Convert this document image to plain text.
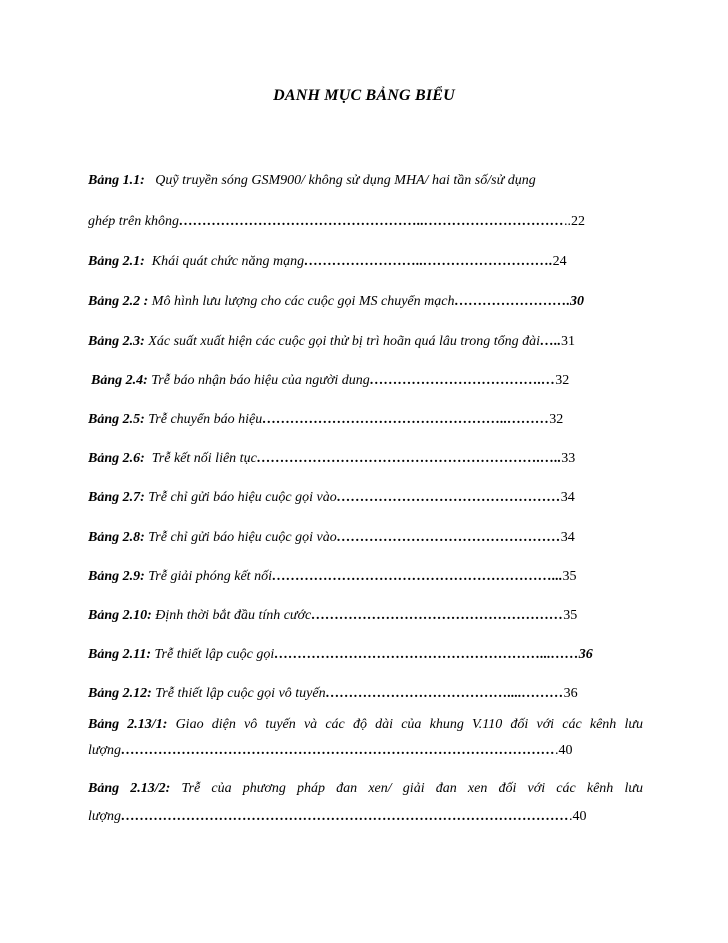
DANH MỤC BẢNG BIỂU
Bảng 1.1: Quỹ truyền sóng GSM900/ không sử dụng MHA/ hai tần số/sử dụng
ghép trên không……………………………………………..…………………………..22
Bảng 2.1: Khái quát chức năng mạng……………………..……………………….24
Bảng 2.2 : Mô hình lưu lượng cho các cuộc gọi MS chuyển mạch…………………….30
Bảng 2.3: Xác suất xuất hiện các cuộc gọi thử bị trì hoãn quá lâu trong tổng đài…..31
Bảng 2.4: Trễ báo nhận báo hiệu của người dung……………………………….…32
Bảng 2.5: Trễ chuyển báo hiệu……………………………………………..………32
Bảng 2.6: Trễ kết nối liên tục…………………………………………………….…..33
Bảng 2.7: Trễ chỉ gửi báo hiệu cuộc gọi vào…………………………………………34
Bảng 2.8: Trễ chỉ gửi báo hiệu cuộc gọi vào…………………………………………34
Bảng 2.9: Trễ giải phóng kết nối……………………………………………………...35
Bảng 2.10: Định thời bắt đầu tính cước………………………………………………35
Bảng 2.11: Trễ thiết lập cuộc gọi…………………………………………………...……36
Bảng 2.12: Trễ thiết lập cuộc gọi vô tuyến…………………………………....………36
Bảng 2.13/1: Giao diện vô tuyến và các độ dài của khung V.110 đối với các kênh lưu
lượng………………………………………………………………………………….40
Bảng 2.13/2: Trễ của phương pháp đan xen/ giải đan xen đối với các kênh lưu
lượng…………………………………………………………………………………….40
